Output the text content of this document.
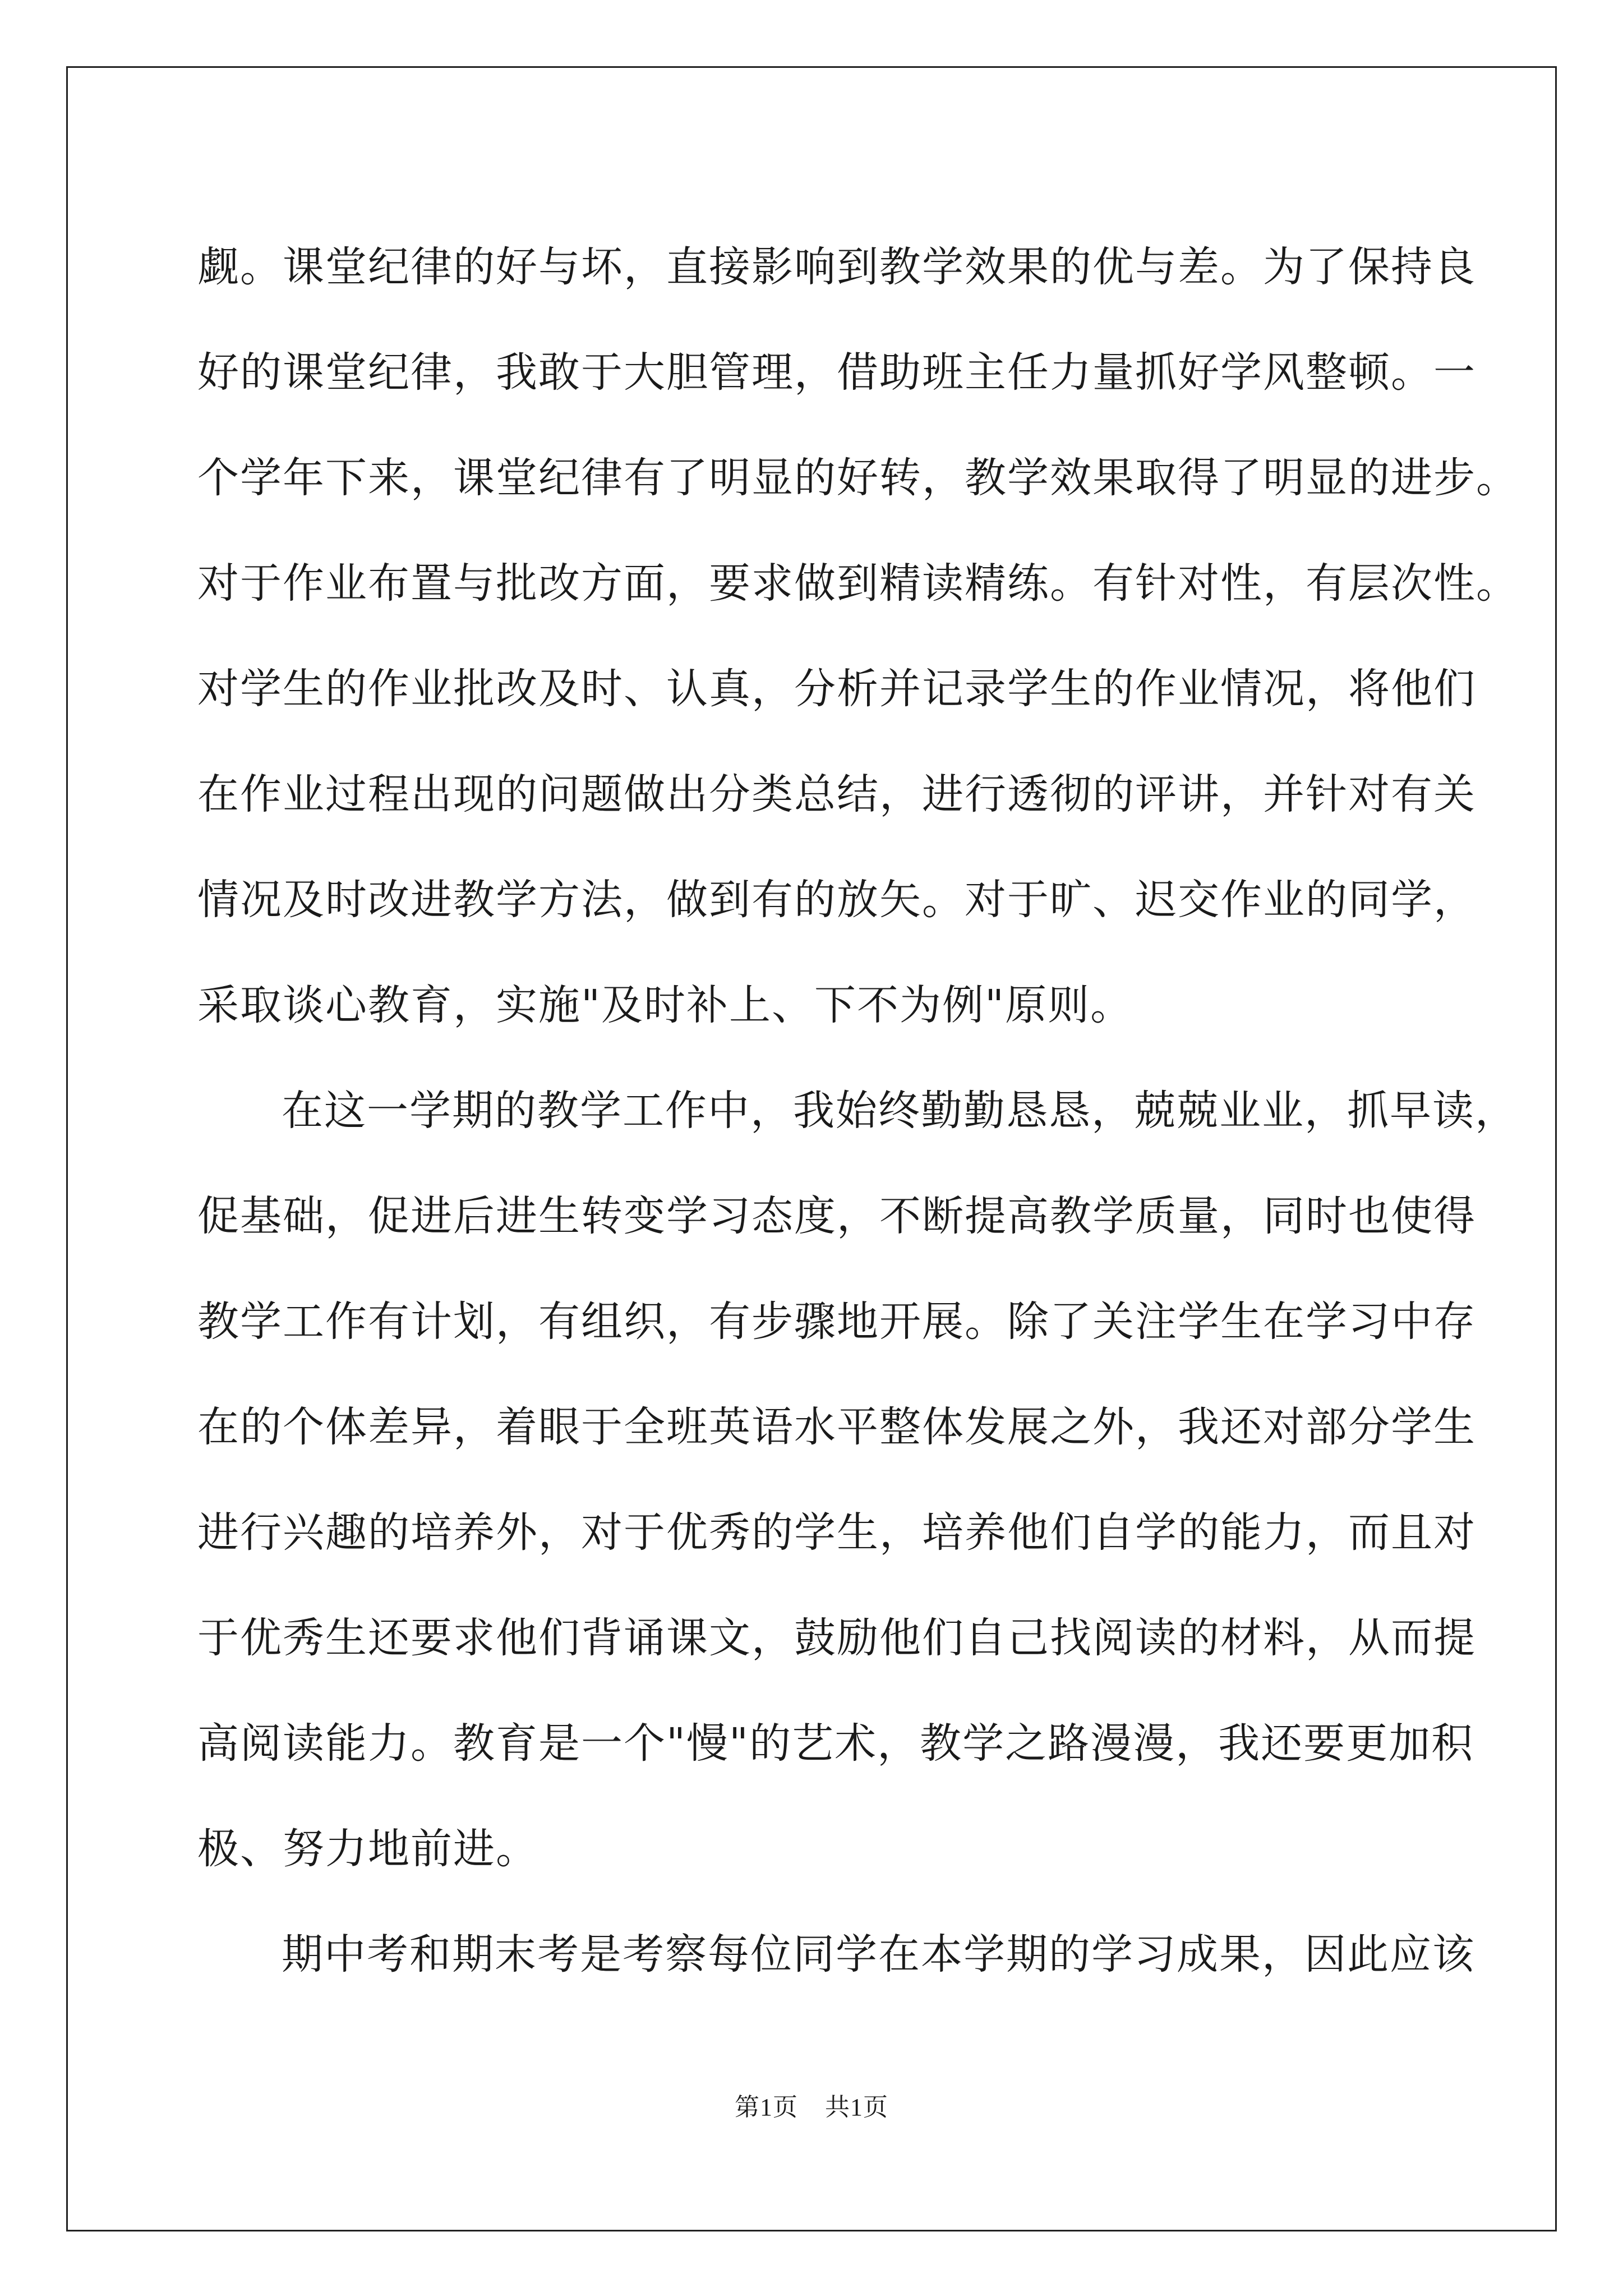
觑。课堂纪律的好与坏，直接影响到教学效果的优与差。为了保持良
好的课堂纪律，我敢于大胆管理，借助班主任力量抓好学风整顿。一
个学年下来，课堂纪律有了明显的好转，教学效果取得了明显的进步。
对于作业布置与批改方面，要求做到精读精练。有针对性，有层次性。
对学生的作业批改及时、认真，分析并记录学生的作业情况，将他们
在作业过程出现的问题做出分类总结，进行透彻的评讲，并针对有关
情况及时改进教学方法，做到有的放矢。对于旷、迟交作业的同学，
采取谈心教育，实施"及时补上、下不为例"原则。
在这一学期的教学工作中，我始终勤勤恳恳，兢兢业业，抓早读，
促基础，促进后进生转变学习态度，不断提高教学质量，同时也使得
教学工作有计划，有组织，有步骤地开展。除了关注学生在学习中存
在的个体差异，着眼于全班英语水平整体发展之外，我还对部分学生
进行兴趣的培养外，对于优秀的学生，培养他们自学的能力，而且对
于优秀生还要求他们背诵课文，鼓励他们自己找阅读的材料，从而提
高阅读能力。教育是一个"慢"的艺术，教学之路漫漫，我还要更加积
极、努力地前进。
期中考和期末考是考察每位同学在本学期的学习成果，因此应该
第1页 共1页
